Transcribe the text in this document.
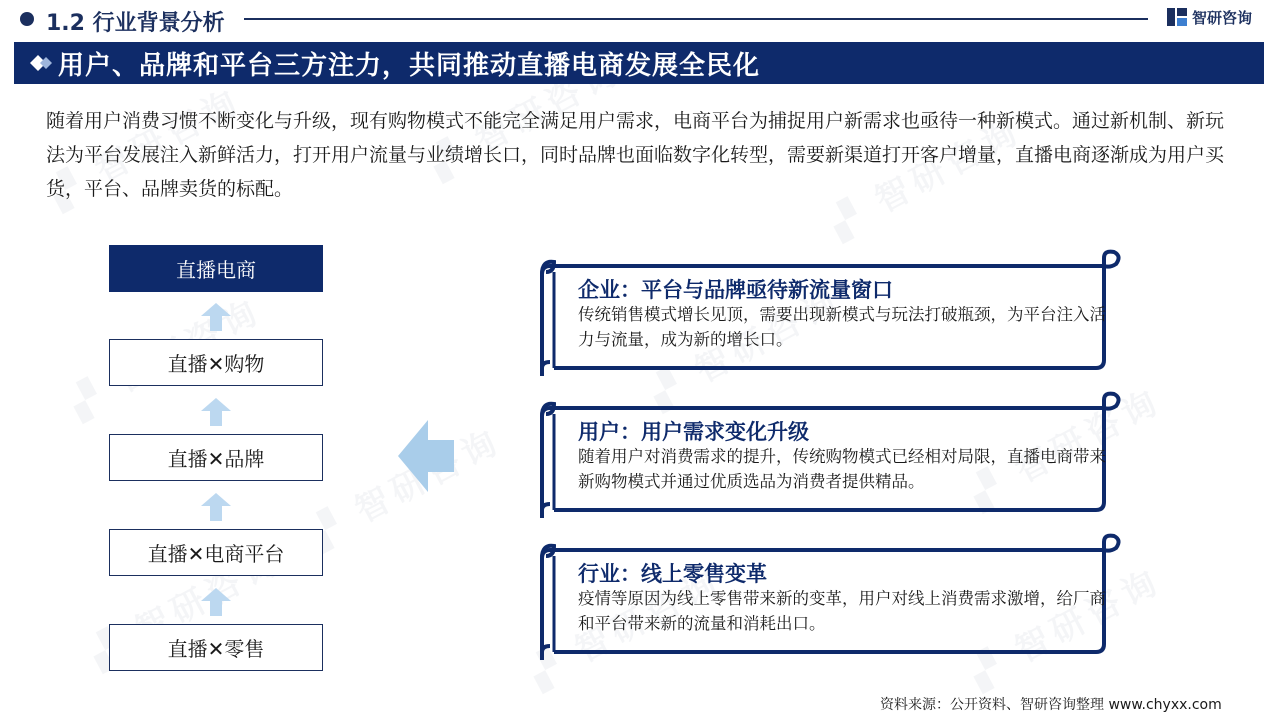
1.2 行业背景分析	智研咨询
用户、品牌和平台三方注力，共同推动直播电商发展全民化

随着用户消费习惯不断变化与升级，现有购物模式不能完全满足用户需求，电商平台为捕捉用户新需求也亟待一种新模式。通过新机制、新玩法为平台发展注入新鲜活力，打开用户流量与业绩增长口，同时品牌也面临数字化转型，需要新渠道打开客户增量，直播电商逐渐成为用户买货，平台、品牌卖货的标配。

直播电商
直播✕购物
直播✕品牌
直播✕电商平台
直播✕零售
企业：平台与品牌亟待新流量窗口
传统销售模式增长见顶，需要出现新模式与玩法打破瓶颈，为平台注入活力与流量，成为新的增长口。
用户：用户需求变化升级
随着用户对消费需求的提升，传统购物模式已经相对局限，直播电商带来新购物模式并通过优质选品为消费者提供精品。
行业：线上零售变革
疫情等原因为线上零售带来新的变革，用户对线上消费需求激增，给厂商和平台带来新的流量和消耗出口。
资料来源：公开资料、智研咨询整理 www.chyxx.com
